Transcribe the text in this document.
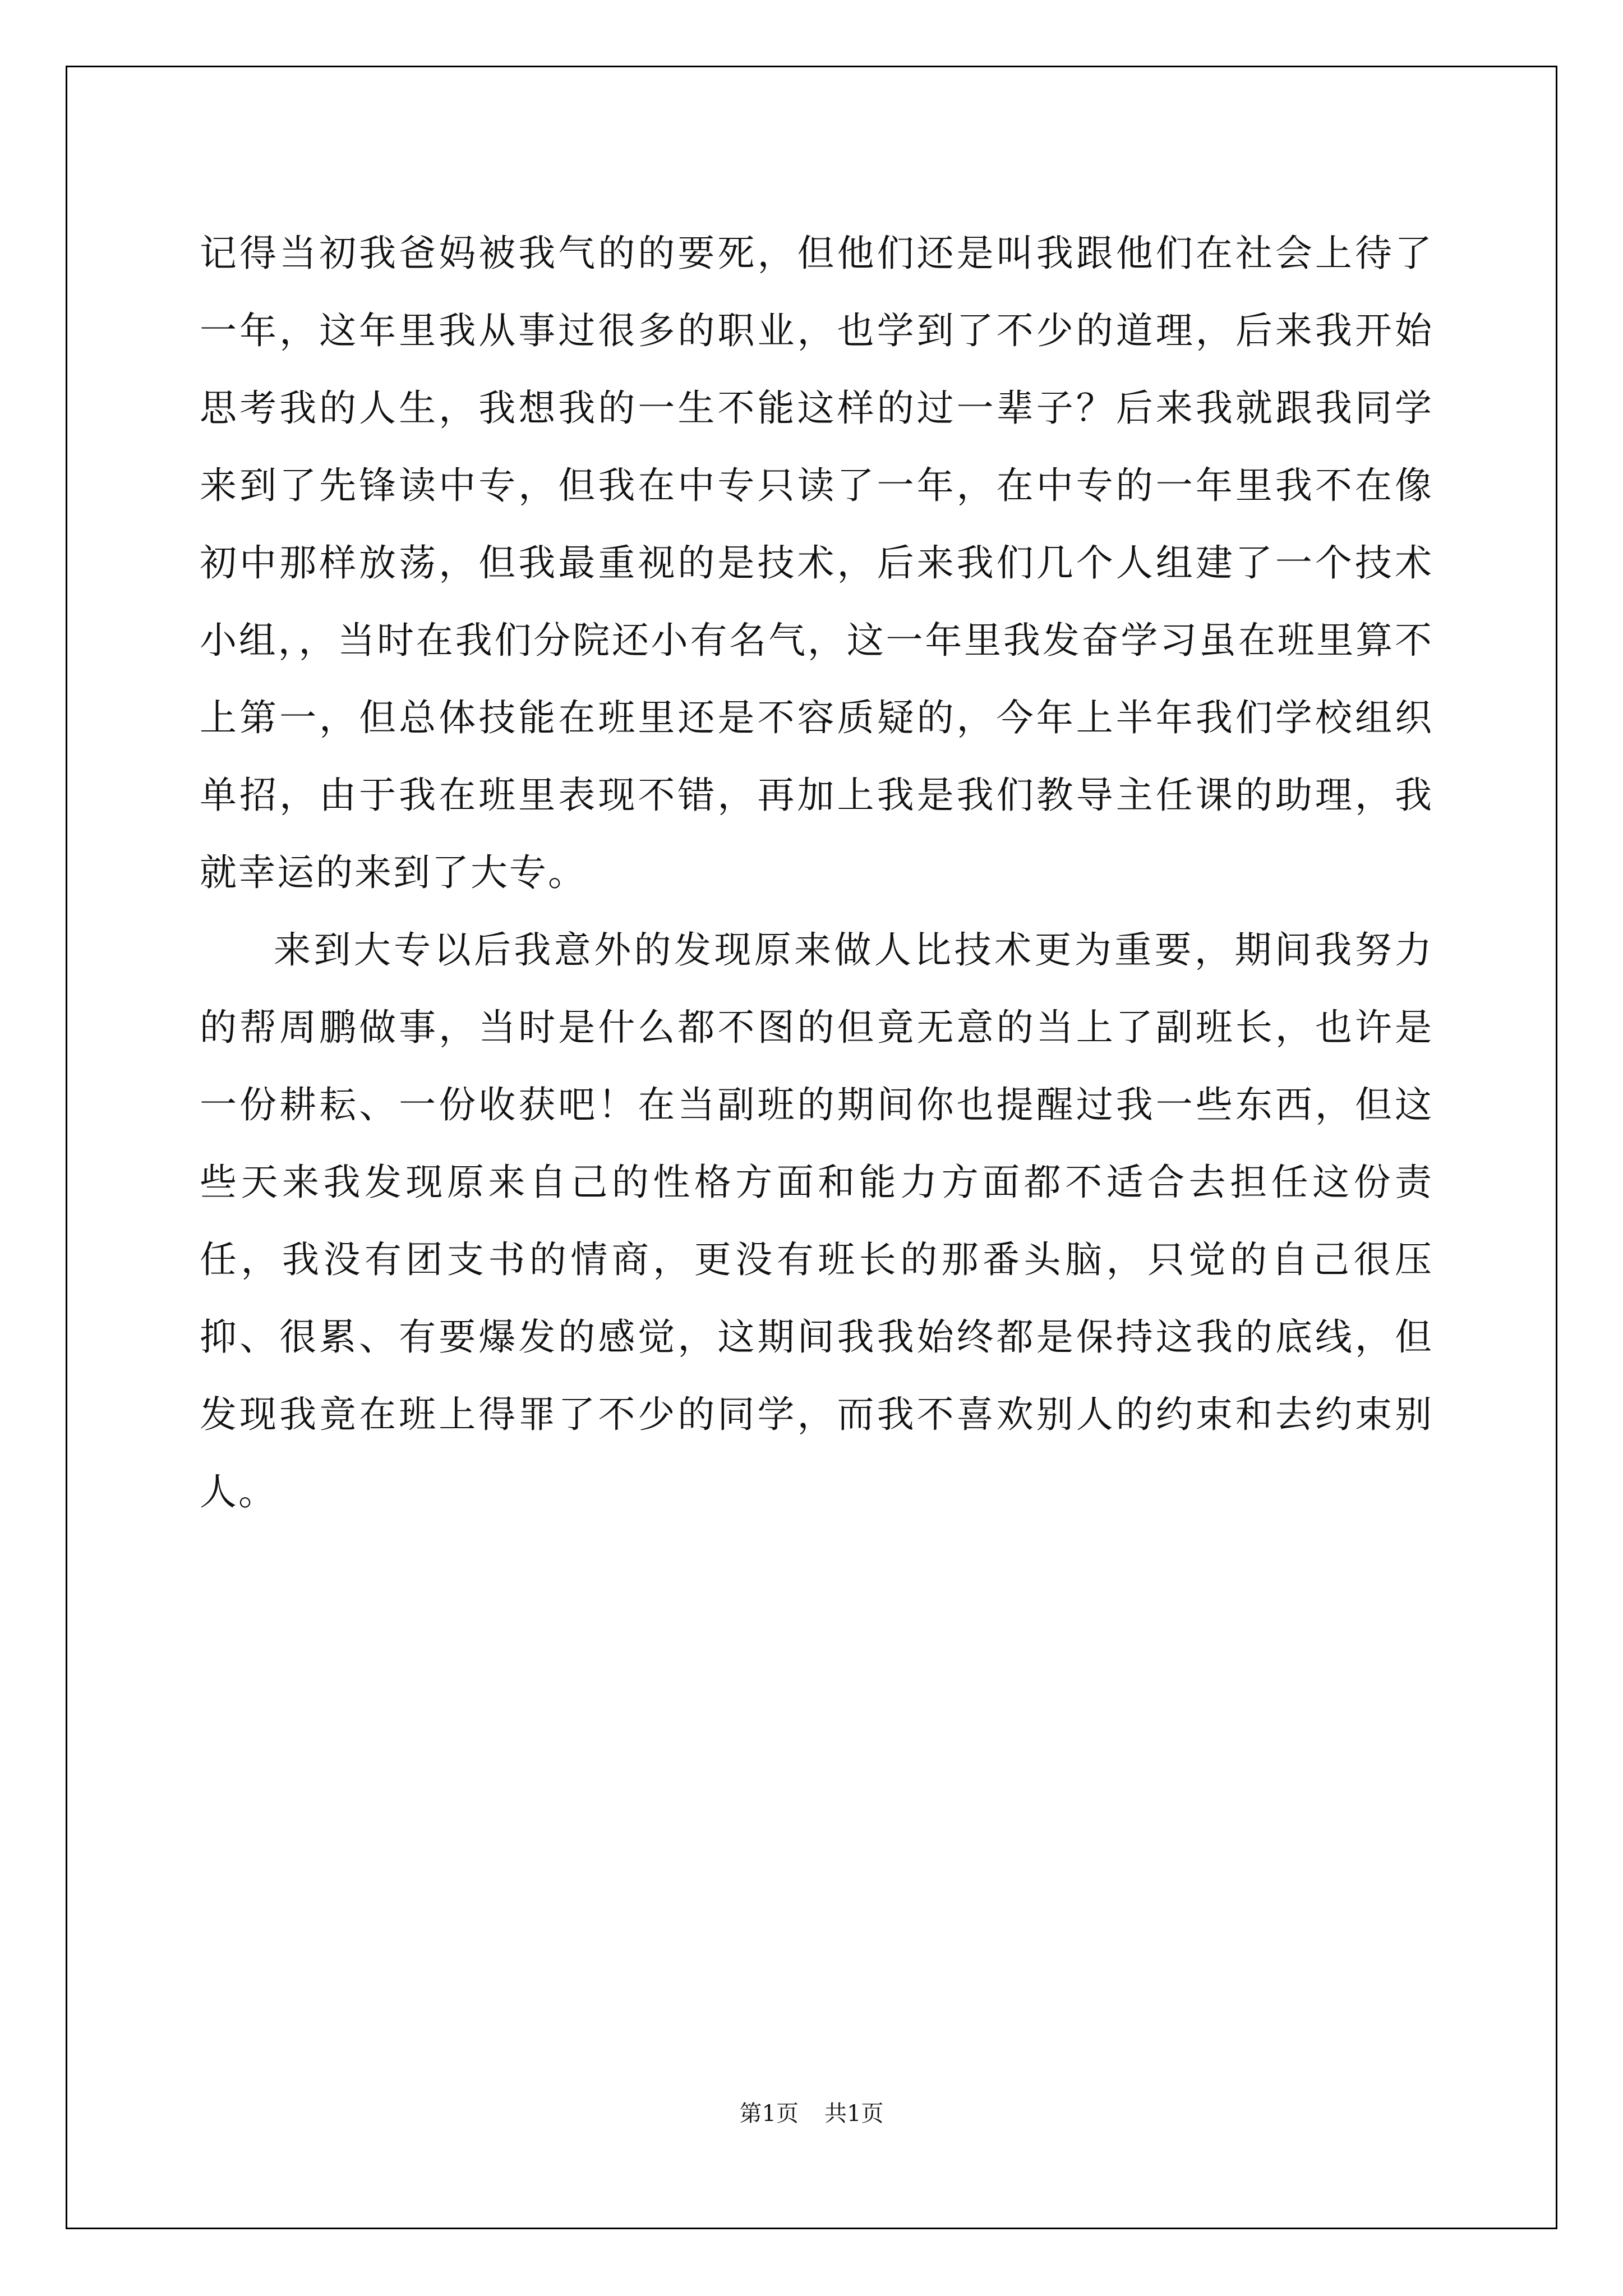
记得当初我爸妈被我气的的要死，但他们还是叫我跟他们在社会上待了一年，这年里我从事过很多的职业，也学到了不少的道理，后来我开始思考我的人生，我想我的一生不能这样的过一辈子？后来我就跟我同学来到了先锋读中专，但我在中专只读了一年，在中专的一年里我不在像初中那样放荡，但我最重视的是技术，后来我们几个人组建了一个技术小组，，当时在我们分院还小有名气，这一年里我发奋学习虽在班里算不上第一，但总体技能在班里还是不容质疑的，今年上半年我们学校组织单招，由于我在班里表现不错，再加上我是我们教导主任课的助理，我就幸运的来到了大专。

来到大专以后我意外的发现原来做人比技术更为重要，期间我努力的帮周鹏做事，当时是什么都不图的但竟无意的当上了副班长，也许是一份耕耘、一份收获吧！在当副班的期间你也提醒过我一些东西，但这些天来我发现原来自己的性格方面和能力方面都不适合去担任这份责任，我没有团支书的情商，更没有班长的那番头脑，只觉的自己很压抑、很累、有要爆发的感觉，这期间我我始终都是保持这我的底线，但发现我竟在班上得罪了不少的同学，而我不喜欢别人的约束和去约束别人。

第1页 共1页
